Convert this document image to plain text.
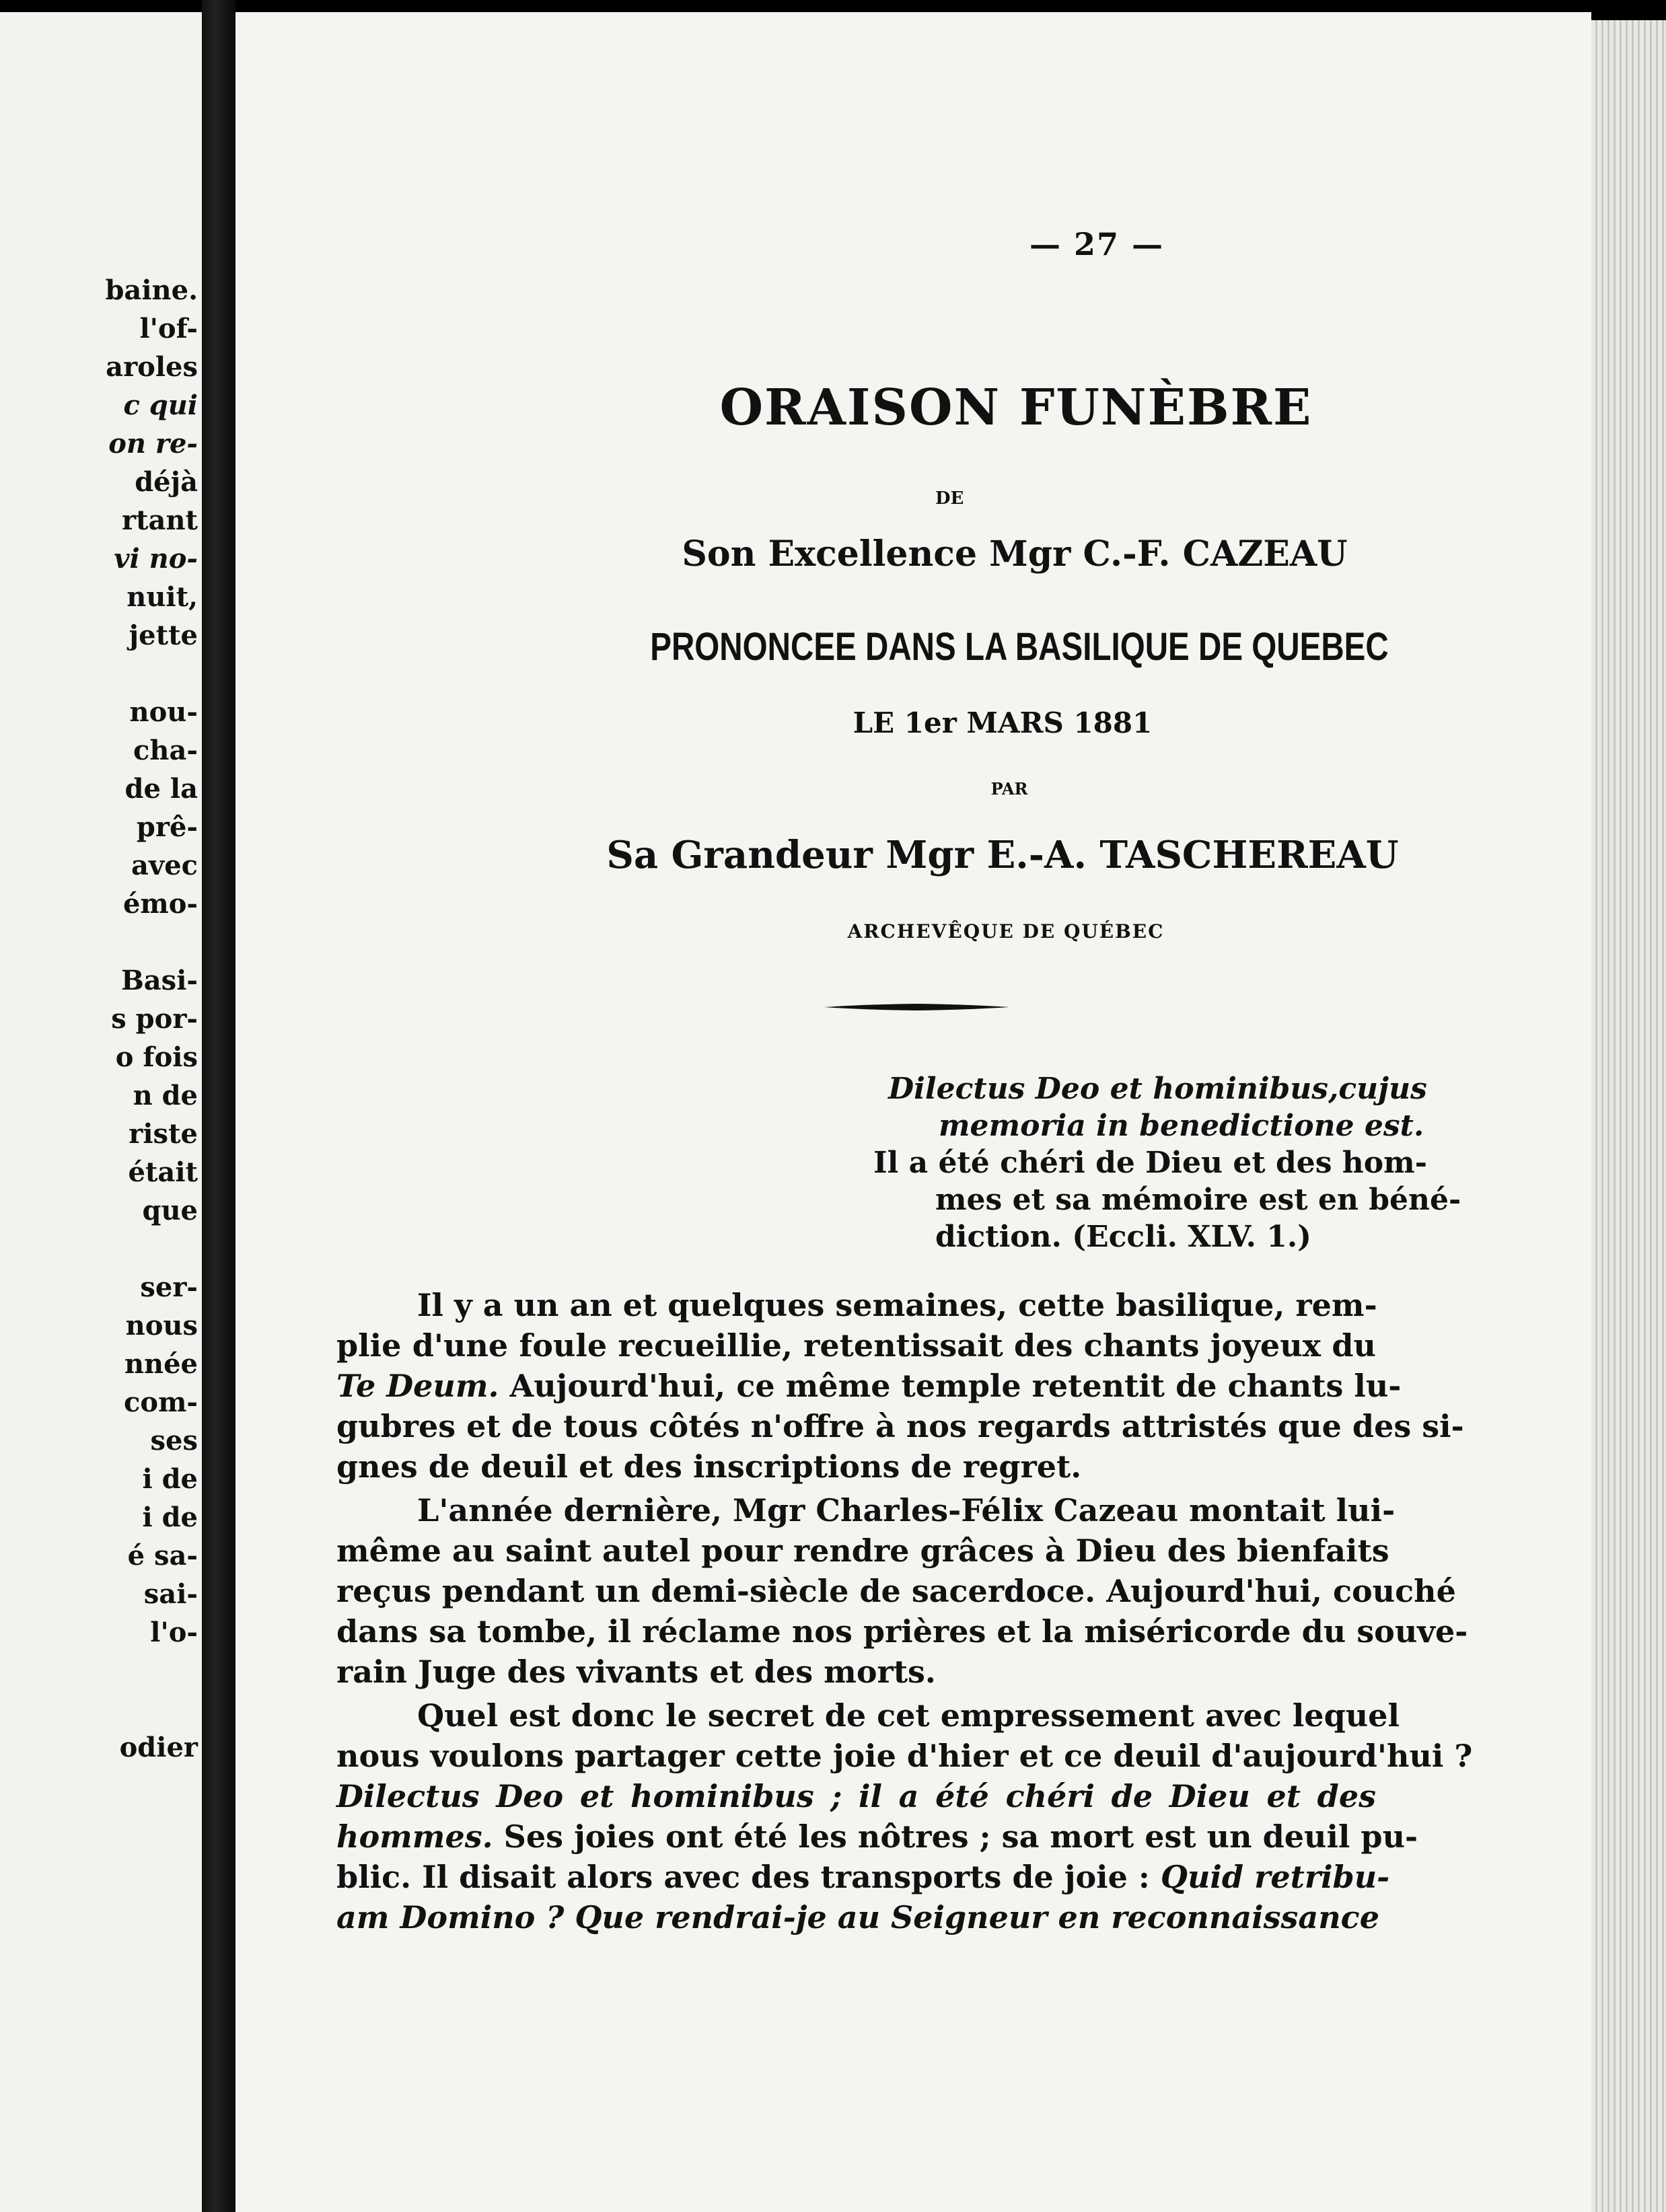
baine.
l'of-
aroles
c qui
on re-
déjà
rtant
vi no-
nuit,
jette
nou-
cha-
de la
prê-
avec
émo-
Basi-
s por-
o fois
n de
riste
était
que
ser-
nous
nnée
com-
ses
i de
i de
é sa-
sai-
l'o-
odier
— 27 —
ORAISON FUNÈBRE
DE
Son Excellence Mgr C.-F. CAZEAU
PRONONCEE DANS LA BASILIQUE DE QUEBEC
LE 1er MARS 1881
PAR
Sa Grandeur Mgr E.-A. TASCHEREAU
ARCHEVÊQUE DE QUÉBEC
Dilectus Deo et hominibus,cujus
memoria in benedictione est.
Il a été chéri de Dieu et des hom-
mes et sa mémoire est en béné-
diction. (Eccli. XLV. 1.)
Il y a un an et quelques semaines, cette basilique, rem-
plie d'une foule recueillie, retentissait des chants joyeux du
Te Deum. Aujourd'hui, ce même temple retentit de chants lu-
gubres et de tous côtés n'offre à nos regards attristés que des si-
gnes de deuil et des inscriptions de regret.
L'année dernière, Mgr Charles-Félix Cazeau montait lui-
même au saint autel pour rendre grâces à Dieu des bienfaits
reçus pendant un demi-siècle de sacerdoce. Aujourd'hui, couché
dans sa tombe, il réclame nos prières et la miséricorde du souve-
rain Juge des vivants et des morts.
Quel est donc le secret de cet empressement avec lequel
nous voulons partager cette joie d'hier et ce deuil d'aujourd'hui ?
Dilectus Deo et hominibus ; il a été chéri de Dieu et des
hommes. Ses joies ont été les nôtres ; sa mort est un deuil pu-
blic. Il disait alors avec des transports de joie : Quid retribu-
am Domino ? Que rendrai-je au Seigneur en reconnaissance
